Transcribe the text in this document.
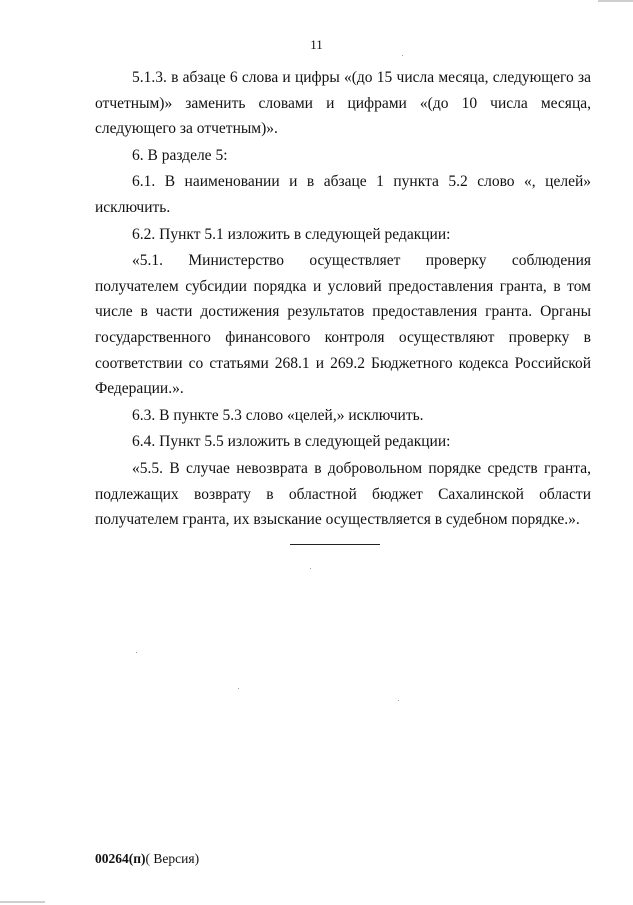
11

5.1.3. в абзаце 6 слова и цифры «(до 15 числа месяца, следующего за отчетным)» заменить словами и цифрами «(до 10 числа месяца, следующего за отчетным)».

6. В разделе 5:

6.1. В наименовании и в абзаце 1 пункта 5.2 слово «, целей» исключить.

6.2. Пункт 5.1 изложить в следующей редакции:

«5.1. Министерство осуществляет проверку соблюдения получателем субсидии порядка и условий предоставления гранта, в том числе в части достижения результатов предоставления гранта. Органы государственного финансового контроля осуществляют проверку в соответствии со статьями 268.1 и 269.2 Бюджетного кодекса Российской Федерации.».

6.3. В пункте 5.3 слово «целей,» исключить.

6.4. Пункт 5.5 изложить в следующей редакции:

«5.5. В случае невозврата в добровольном порядке средств гранта, подлежащих возврату в областной бюджет Сахалинской области получателем гранта, их взыскание осуществляется в судебном порядке.».

00264(п)( Версия)
